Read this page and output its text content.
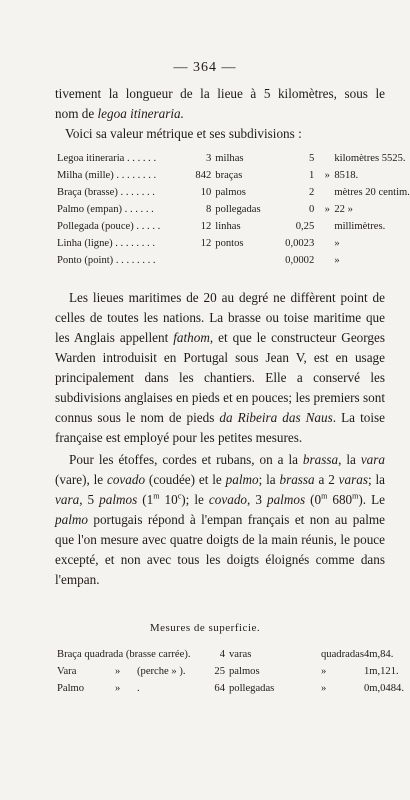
— 364 —
tivement la longueur de la lieue à 5 kilomètres, sous le
nom de legoa itineraria.
Voici sa valeur métrique et ses subdivisions :
Legoa itineraria . . . . . .	3	milhas	5		kilomètres 5525.
Milha (mille) . . . . . . . .	842	braças	1	»	8518.
Braça (brasse) . . . . . . .	10	palmos	2		mètres 20 centim.
Palmo (empan) . . . . . .	8	pollegadas	0	»	22 »
Pollegada (pouce) . . . . .	12	linhas	0,25		millimètres.
Linha (ligne) . . . . . . . .	12	pontos	0,0023		»
Ponto (point) . . . . . . . .			0,0002		»

Les lieues maritimes de 20 au degré ne diffèrent point de celles de toutes les nations. La brasse ou toise maritime que les Anglais appellent fathom, et que le constructeur Georges Warden introduisit en Portugal sous Jean V, est en usage principalement dans les chantiers. Elle a conservé les subdivisions anglaises en pieds et en pouces; les premiers sont connus sous le nom de pieds da Ribeira das Naus. La toise française est employé pour les petites mesures.

Pour les étoffes, cordes et rubans, on a la brassa, la vara (vare), le covado (coudée) et le palmo; la brassa a 2 varas; la vara, 5 palmos (1$^m$ 10$^c$); le covado, 3 palmos (0$^m$ 680$^m$). Le palmo portugais répond à l'empan français et non au palme que l'on mesure avec quatre doigts de la main réunis, le pouce excepté, et non avec tous les doigts éloignés comme dans l'empan.

Mesures de superficie.
Braça quadrada (brasse carrée).			4	varas	quadradas	4m,84.
Vara	»	(perche » ).	25	palmos	»	1m,121.
Palmo	»	.	64	pollegadas	»	0m,0484.
